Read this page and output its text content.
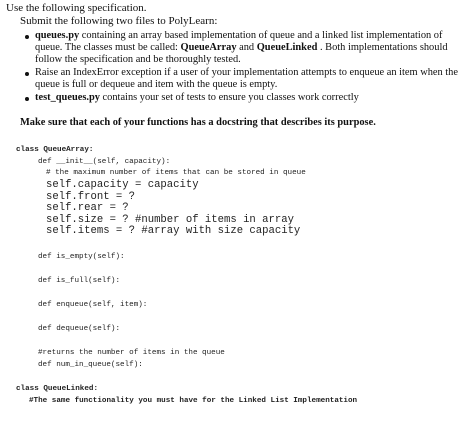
Use the following specification.
Submit the following two files to PolyLearn:
queues.py containing an array based implementation of queue and a linked list implementation of
queue. The classes must be called: QueueArray and QueueLinked . Both implementations should
follow the specification and be thoroughly tested.
Raise an IndexError exception if a user of your implementation attempts to enqueue an item when the
queue is full or dequeue and item with the queue is empty.
test_queues.py contains your set of tests to ensure you classes work correctly
Make sure that each of your functions has a docstring that describes its purpose.
class QueueArray:
def __init__(self, capacity):
# the maximum number of items that can be stored in queue
self.capacity = capacity
self.front = ?
self.rear = ?
self.size = ? #number of items in array
self.items = ? #array with size capacity
def is_empty(self):
def is_full(self):
def enqueue(self, item):
def dequeue(self):
#returns the number of items in the queue
def num_in_queue(self):
class QueueLinked:
#The same functionality you must have for the Linked List Implementation
